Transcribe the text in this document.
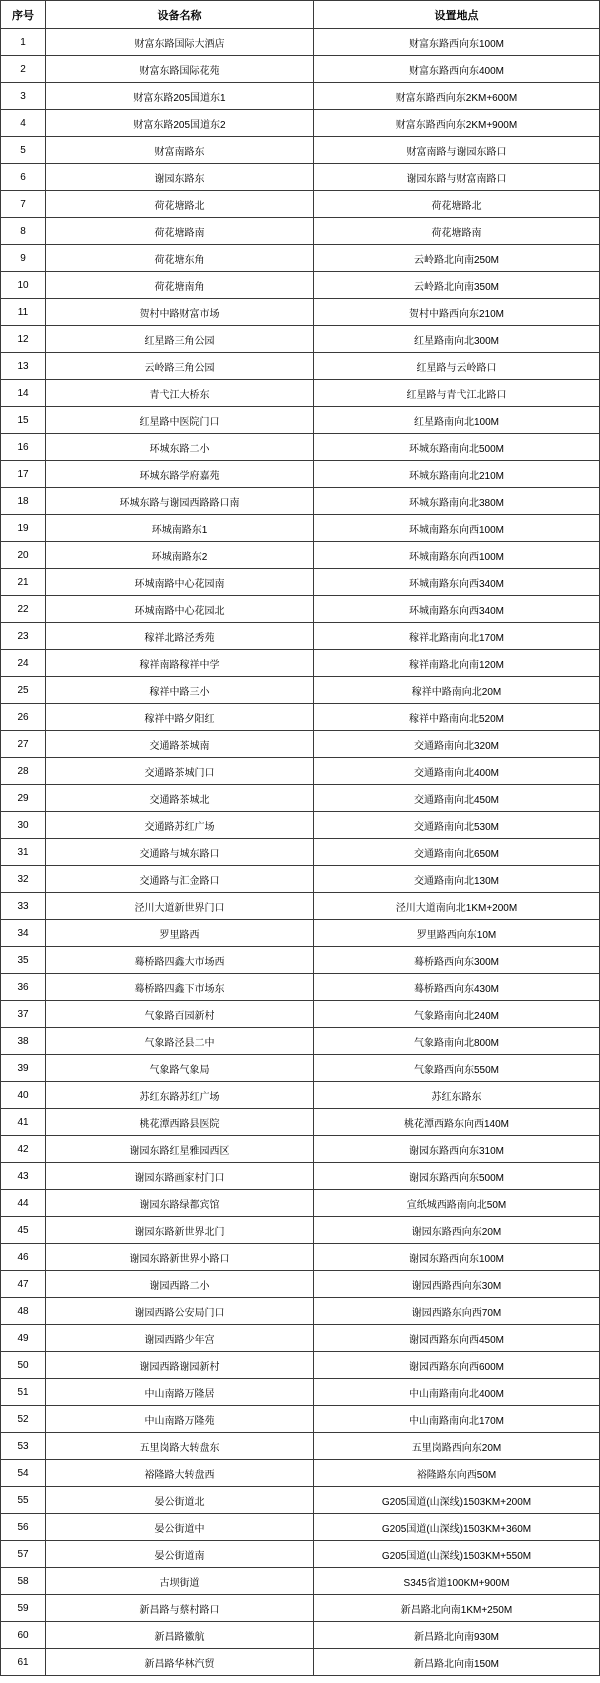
序号	设备名称	设置地点
1	财富东路国际大酒店	财富东路西向东100M
2	财富东路国际花苑	财富东路西向东400M
3	财富东路205国道东1	财富东路西向东2KM+600M
4	财富东路205国道东2	财富东路西向东2KM+900M
5	财富南路东	财富南路与谢园东路口
6	谢园东路东	谢园东路与财富南路口
7	荷花塘路北	荷花塘路北
8	荷花塘路南	荷花塘路南
9	荷花塘东角	云岭路北向南250M
10	荷花塘南角	云岭路北向南350M
11	贺村中路财富市场	贺村中路西向东210M
12	红星路三角公园	红星路南向北300M
13	云岭路三角公园	红星路与云岭路口
14	青弋江大桥东	红星路与青弋江北路口
15	红星路中医院门口	红星路南向北100M
16	环城东路二小	环城东路南向北500M
17	环城东路学府嘉苑	环城东路南向北210M
18	环城东路与谢园西路路口南	环城东路南向北380M
19	环城南路东1	环城南路东向西100M
20	环城南路东2	环城南路东向西100M
21	环城南路中心花园南	环城南路东向西340M
22	环城南路中心花园北	环城南路东向西340M
23	稼祥北路泾秀苑	稼祥北路南向北170M
24	稼祥南路稼祥中学	稼祥南路北向南120M
25	稼祥中路三小	稼祥中路南向北20M
26	稼祥中路夕阳红	稼祥中路南向北520M
27	交通路茶城南	交通路南向北320M
28	交通路茶城门口	交通路南向北400M
29	交通路茶城北	交通路南向北450M
30	交通路苏红广场	交通路南向北530M
31	交通路与城东路口	交通路南向北650M
32	交通路与汇金路口	交通路南向北130M
33	泾川大道新世界门口	泾川大道南向北1KM+200M
34	罗里路西	罗里路西向东10M
35	蓦桥路四鑫大市场西	蓦桥路西向东300M
36	蓦桥路四鑫下市场东	蓦桥路西向东430M
37	气象路百园新村	气象路南向北240M
38	气象路泾县二中	气象路南向北800M
39	气象路气象局	气象路西向东550M
40	苏红东路苏红广场	苏红东路东
41	桃花潭西路县医院	桃花潭西路东向西140M
42	谢园东路红星雅园西区	谢园东路西向东310M
43	谢园东路画家村门口	谢园东路西向东500M
44	谢园东路绿都宾馆	宣纸城西路南向北50M
45	谢园东路新世界北门	谢园东路西向东20M
46	谢园东路新世界小路口	谢园东路西向东100M
47	谢园西路二小	谢园西路西向东30M
48	谢园西路公安局门口	谢园西路东向西70M
49	谢园西路少年宫	谢园西路东向西450M
50	谢园西路谢园新村	谢园西路东向西600M
51	中山南路万隆居	中山南路南向北400M
52	中山南路万隆苑	中山南路南向北170M
53	五里岗路大转盘东	五里岗路西向东20M
54	裕隆路大转盘西	裕隆路东向西50M
55	晏公街道北	G205国道(山深线)1503KM+200M
56	晏公街道中	G205国道(山深线)1503KM+360M
57	晏公街道南	G205国道(山深线)1503KM+550M
58	古坝街道	S345省道100KM+900M
59	新昌路与蔡村路口	新昌路北向南1KM+250M
60	新昌路徽航	新昌路北向南930M
61	新昌路华林汽贸	新昌路北向南150M
